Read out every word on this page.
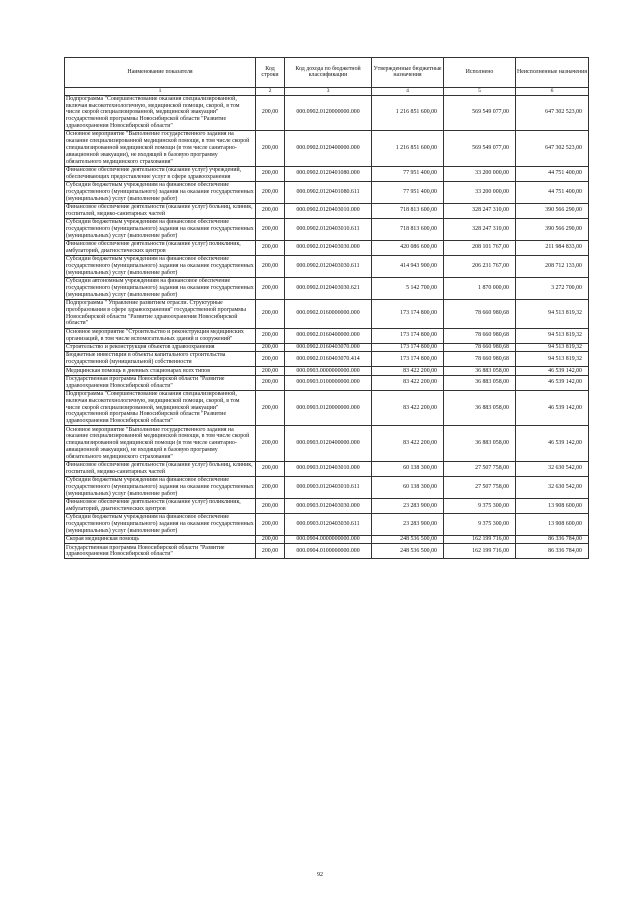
Наименование показателя	Код строки	Код дохода по бюджетной классификации	Утвержденные бюджетные назначения	Исполнено	Неисполненные назначения
1	2	3	4	5	6
Подпрограмма "Совершенствование оказания специализированной, включая высокотехнологичную, медицинской помощи, скорой, в том числе скорой специализированной, медицинской эвакуации" государственной программы Новосибирской области "Развитие здравоохранения Новосибирской области"	200,00	000.0902.0120000000.000	1 216 851 600,00	569 549 077,00	647 302 523,00
Основное мероприятие "Выполнение государственного задания на оказание специализированной медицинской помощи, в том числе скорой специализированной медицинской помощи (в том числе санитарно-авиационной эвакуации), не входящей в базовую программу обязательного медицинского страхования"	200,00	000.0902.0120400000.000	1 216 851 600,00	569 549 077,00	647 302 523,00
Финансовое обеспечение деятельности (оказание услуг) учреждений, обеспечивающих предоставление услуг в сфере здравоохранения	200,00	000.0902.0120401080.000	77 951 400,00	33 200 000,00	44 751 400,00
Субсидии бюджетным учреждениям на финансовое обеспечение государственного (муниципального) задания на оказание государственных (муниципальных) услуг (выполнение работ)	200,00	000.0902.0120401080.611	77 951 400,00	33 200 000,00	44 751 400,00
Финансовое обеспечение деятельности (оказание услуг) больниц, клиник, госпиталей, медико-санитарных частей	200,00	000.0902.0120403010.000	718 813 600,00	328 247 310,00	390 566 290,00
Субсидии бюджетным учреждениям на финансовое обеспечение государственного (муниципального) задания на оказание государственных (муниципальных) услуг (выполнение работ)	200,00	000.0902.0120403010.611	718 813 600,00	328 247 310,00	390 566 290,00
Финансовое обеспечение деятельности (оказание услуг) поликлиник, амбулаторий, диагностических центров	200,00	000.0902.0120403030.000	420 086 600,00	208 101 767,00	211 984 833,00
Субсидии бюджетным учреждениям на финансовое обеспечение государственного (муниципального) задания на оказание государственных (муниципальных) услуг (выполнение работ)	200,00	000.0902.0120403030.611	414 943 900,00	206 231 767,00	208 712 133,00
Субсидии автономным учреждениям на финансовое обеспечение государственного (муниципального) задания на оказание государственных (муниципальных) услуг (выполнение работ)	200,00	000.0902.0120403030.621	5 142 700,00	1 870 000,00	3 272 700,00
Подпрограмма " Управление развитием отрасли. Структурные преобразования в сфере здравоохранения" государственной программы Новосибирской области "Развитие здравоохранения Новосибирской области"	200,00	000.0902.0160000000.000	173 174 800,00	78 660 980,68	94 513 819,32
Основное мероприятие "Строительство и реконструкция медицинских организаций, в том числе вспомогательных зданий и сооружений"	200,00	000.0902.0160400000.000	173 174 800,00	78 660 980,68	94 513 819,32
Строительство и реконструкция объектов здравоохранения	200,00	000.0902.0160403070.000	173 174 800,00	78 660 980,68	94 513 819,32
Бюджетные инвестиции в объекты капитального строительства государственной (муниципальной) собственности	200,00	000.0902.0160403070.414	173 174 800,00	78 660 980,68	94 513 819,32
Медицинская помощь в дневных стационарах всех типов	200,00	000.0903.0000000000.000	83 422 200,00	36 883 058,00	46 539 142,00
Государственная программа Новосибирской области "Развитие здравоохранения Новосибирской области"	200,00	000.0903.0100000000.000	83 422 200,00	36 883 058,00	46 539 142,00
Подпрограмма "Совершенствование оказания специализированной, включая высокотехнологичную, медицинской помощи, скорой, в том числе скорой специализированной, медицинской эвакуации" государственной программы Новосибирской области "Развитие здравоохранения Новосибирской области"	200,00	000.0903.0120000000.000	83 422 200,00	36 883 058,00	46 539 142,00
Основное мероприятие "Выполнение государственного задания на оказание специализированной медицинской помощи, в том числе скорой специализированной медицинской помощи (в том числе санитарно-авиационной эвакуации), не входящей в базовую программу обязательного медицинского страхования"	200,00	000.0903.0120400000.000	83 422 200,00	36 883 058,00	46 539 142,00
Финансовое обеспечение деятельности (оказание услуг) больниц, клиник, госпиталей, медико-санитарных частей	200,00	000.0903.0120403010.000	60 138 300,00	27 507 758,00	32 630 542,00
Субсидии бюджетным учреждениям на финансовое обеспечение государственного (муниципального) задания на оказание государственных (муниципальных) услуг (выполнение работ)	200,00	000.0903.0120403010.611	60 138 300,00	27 507 758,00	32 630 542,00
Финансовое обеспечение деятельности (оказание услуг) поликлиник, амбулаторий, диагностических центров	200,00	000.0903.0120403030.000	23 283 900,00	9 375 300,00	13 908 600,00
Субсидии бюджетным учреждениям на финансовое обеспечение государственного (муниципального) задания на оказание государственных (муниципальных) услуг (выполнение работ)	200,00	000.0903.0120403030.611	23 283 900,00	9 375 300,00	13 908 600,00
Скорая медицинская помощь	200,00	000.0904.0000000000.000	248 536 500,00	162 199 716,00	86 336 784,00
Государственная программа Новосибирской области "Развитие здравоохранения Новосибирской области"	200,00	000.0904.0100000000.000	248 536 500,00	162 199 716,00	86 336 784,00
92
